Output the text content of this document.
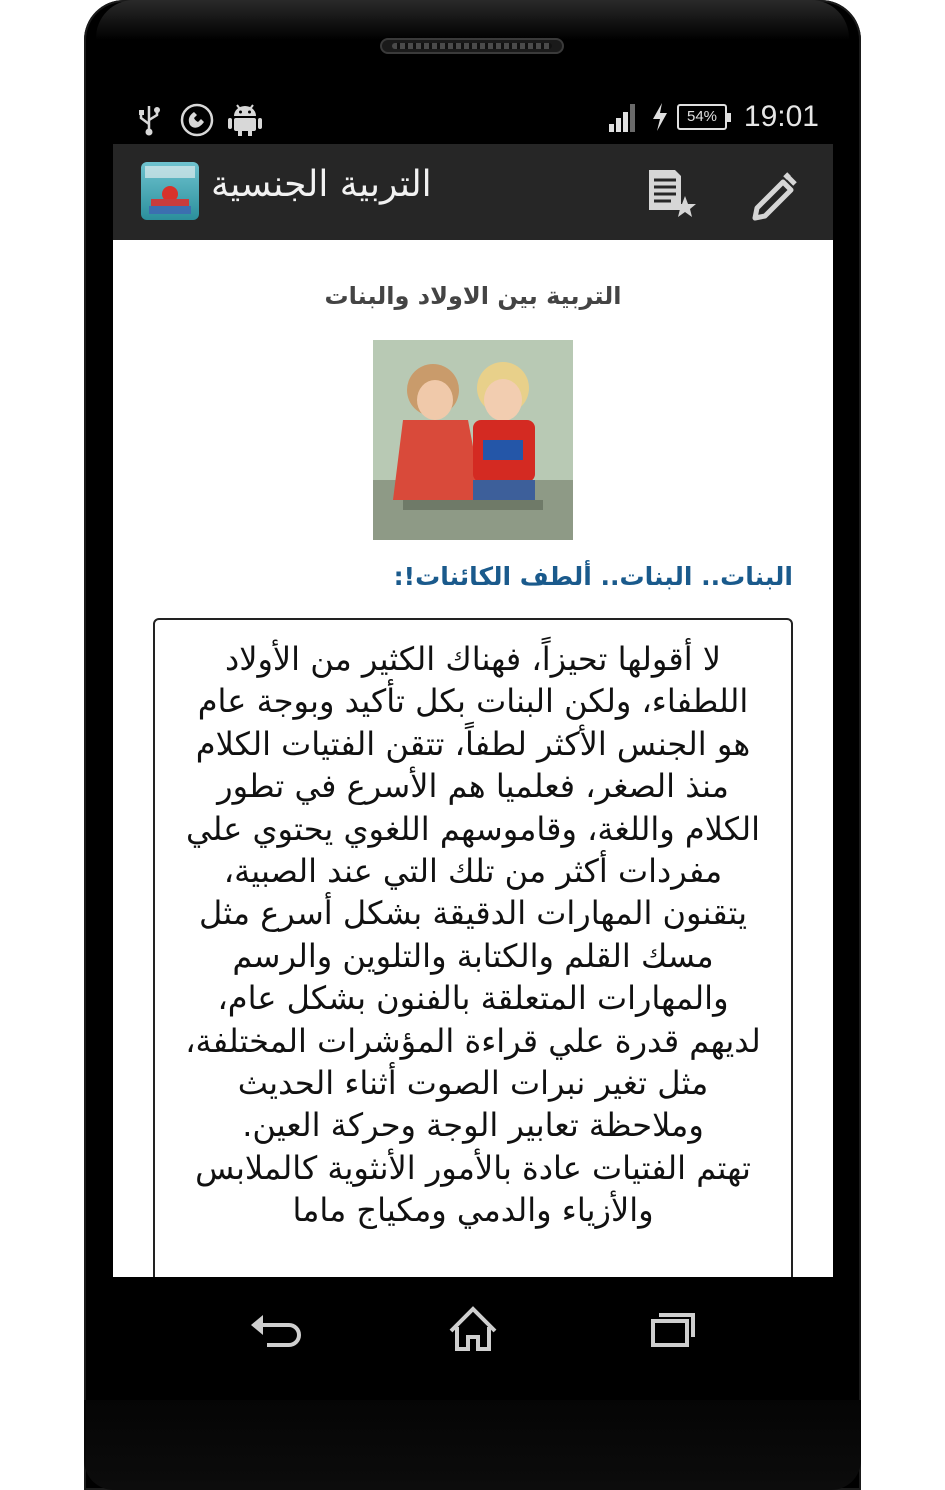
54% 19:01
التربية الجنسية
التربية بين الاولاد والبنات
البنات.. البنات.. ألطف الكائنات!:

لا أقولها تحيزاً، فهناك الكثير من الأولاد اللطفاء، ولكن البنات بكل تأكيد وبوجة عام هو الجنس الأكثر لطفاً، تتقن الفتيات الكلام منذ الصغر، فعلميا هم الأسرع في تطور الكلام واللغة، وقاموسهم اللغوي يحتوي علي مفردات أكثر من تلك التي عند الصبية، يتقنون المهارات الدقيقة بشكل أسرع مثل مسك القلم والكتابة والتلوين والرسم والمهارات المتعلقة بالفنون بشكل عام، لديهم قدرة علي قراءة المؤشرات المختلفة، مثل تغير نبرات الصوت أثناء الحديث وملاحظة تعابير الوجة وحركة العين.
تهتم الفتيات عادة بالأمور الأنثوية كالملابس والأزياء والدمي ومكياج ماما
